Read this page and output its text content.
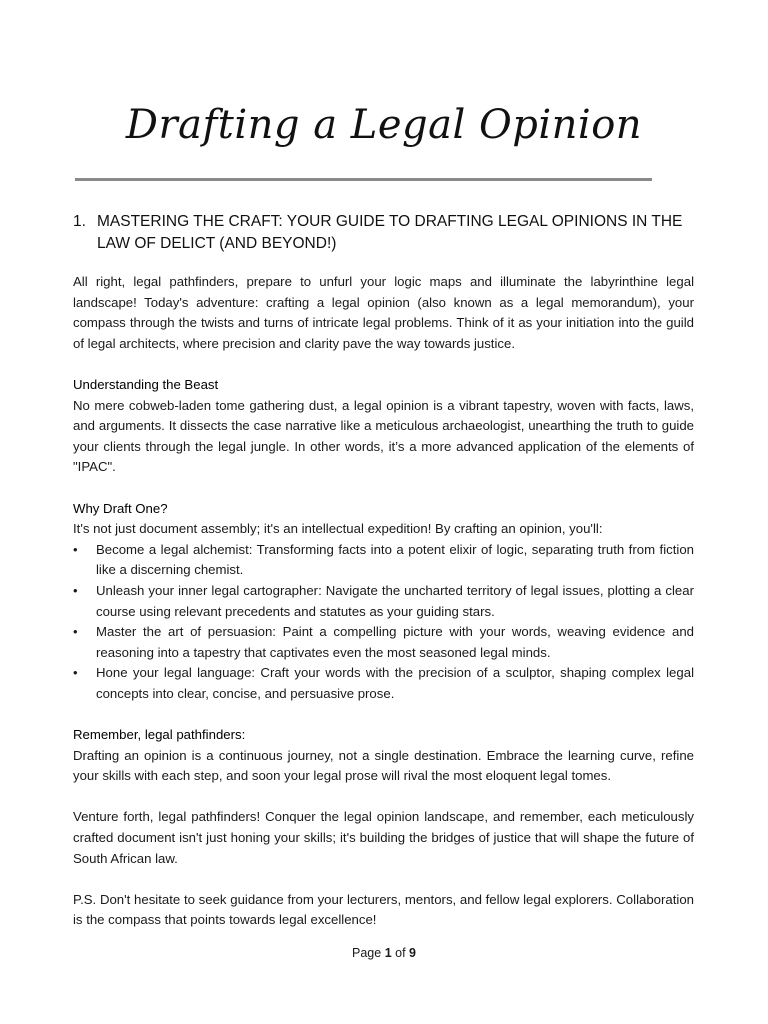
Drafting a Legal Opinion
1. MASTERING THE CRAFT: YOUR GUIDE TO DRAFTING LEGAL OPINIONS IN THE LAW OF DELICT (AND BEYOND!)

All right, legal pathfinders, prepare to unfurl your logic maps and illuminate the labyrinthine legal landscape! Today's adventure: crafting a legal opinion (also known as a legal memorandum), your compass through the twists and turns of intricate legal problems. Think of it as your initiation into the guild of legal architects, where precision and clarity pave the way towards justice.

Understanding the Beast

No mere cobweb-laden tome gathering dust, a legal opinion is a vibrant tapestry, woven with facts, laws, and arguments. It dissects the case narrative like a meticulous archaeologist, unearthing the truth to guide your clients through the legal jungle. In other words, it’s a more advanced application of the elements of "IPAC".

Why Draft One?

It's not just document assembly; it's an intellectual expedition! By crafting an opinion, you'll:

•	Become a legal alchemist: Transforming facts into a potent elixir of logic, separating truth from fiction like a discerning chemist.
•	Unleash your inner legal cartographer: Navigate the uncharted territory of legal issues, plotting a clear course using relevant precedents and statutes as your guiding stars.
•	Master the art of persuasion: Paint a compelling picture with your words, weaving evidence and reasoning into a tapestry that captivates even the most seasoned legal minds.
•	Hone your legal language: Craft your words with the precision of a sculptor, shaping complex legal concepts into clear, concise, and persuasive prose.
Remember, legal pathfinders:

Drafting an opinion is a continuous journey, not a single destination. Embrace the learning curve, refine your skills with each step, and soon your legal prose will rival the most eloquent legal tomes.

Venture forth, legal pathfinders! Conquer the legal opinion landscape, and remember, each meticulously crafted document isn't just honing your skills; it's building the bridges of justice that will shape the future of South African law.

P.S. Don't hesitate to seek guidance from your lecturers, mentors, and fellow legal explorers. Collaboration is the compass that points towards legal excellence!

Page 1 of 9
